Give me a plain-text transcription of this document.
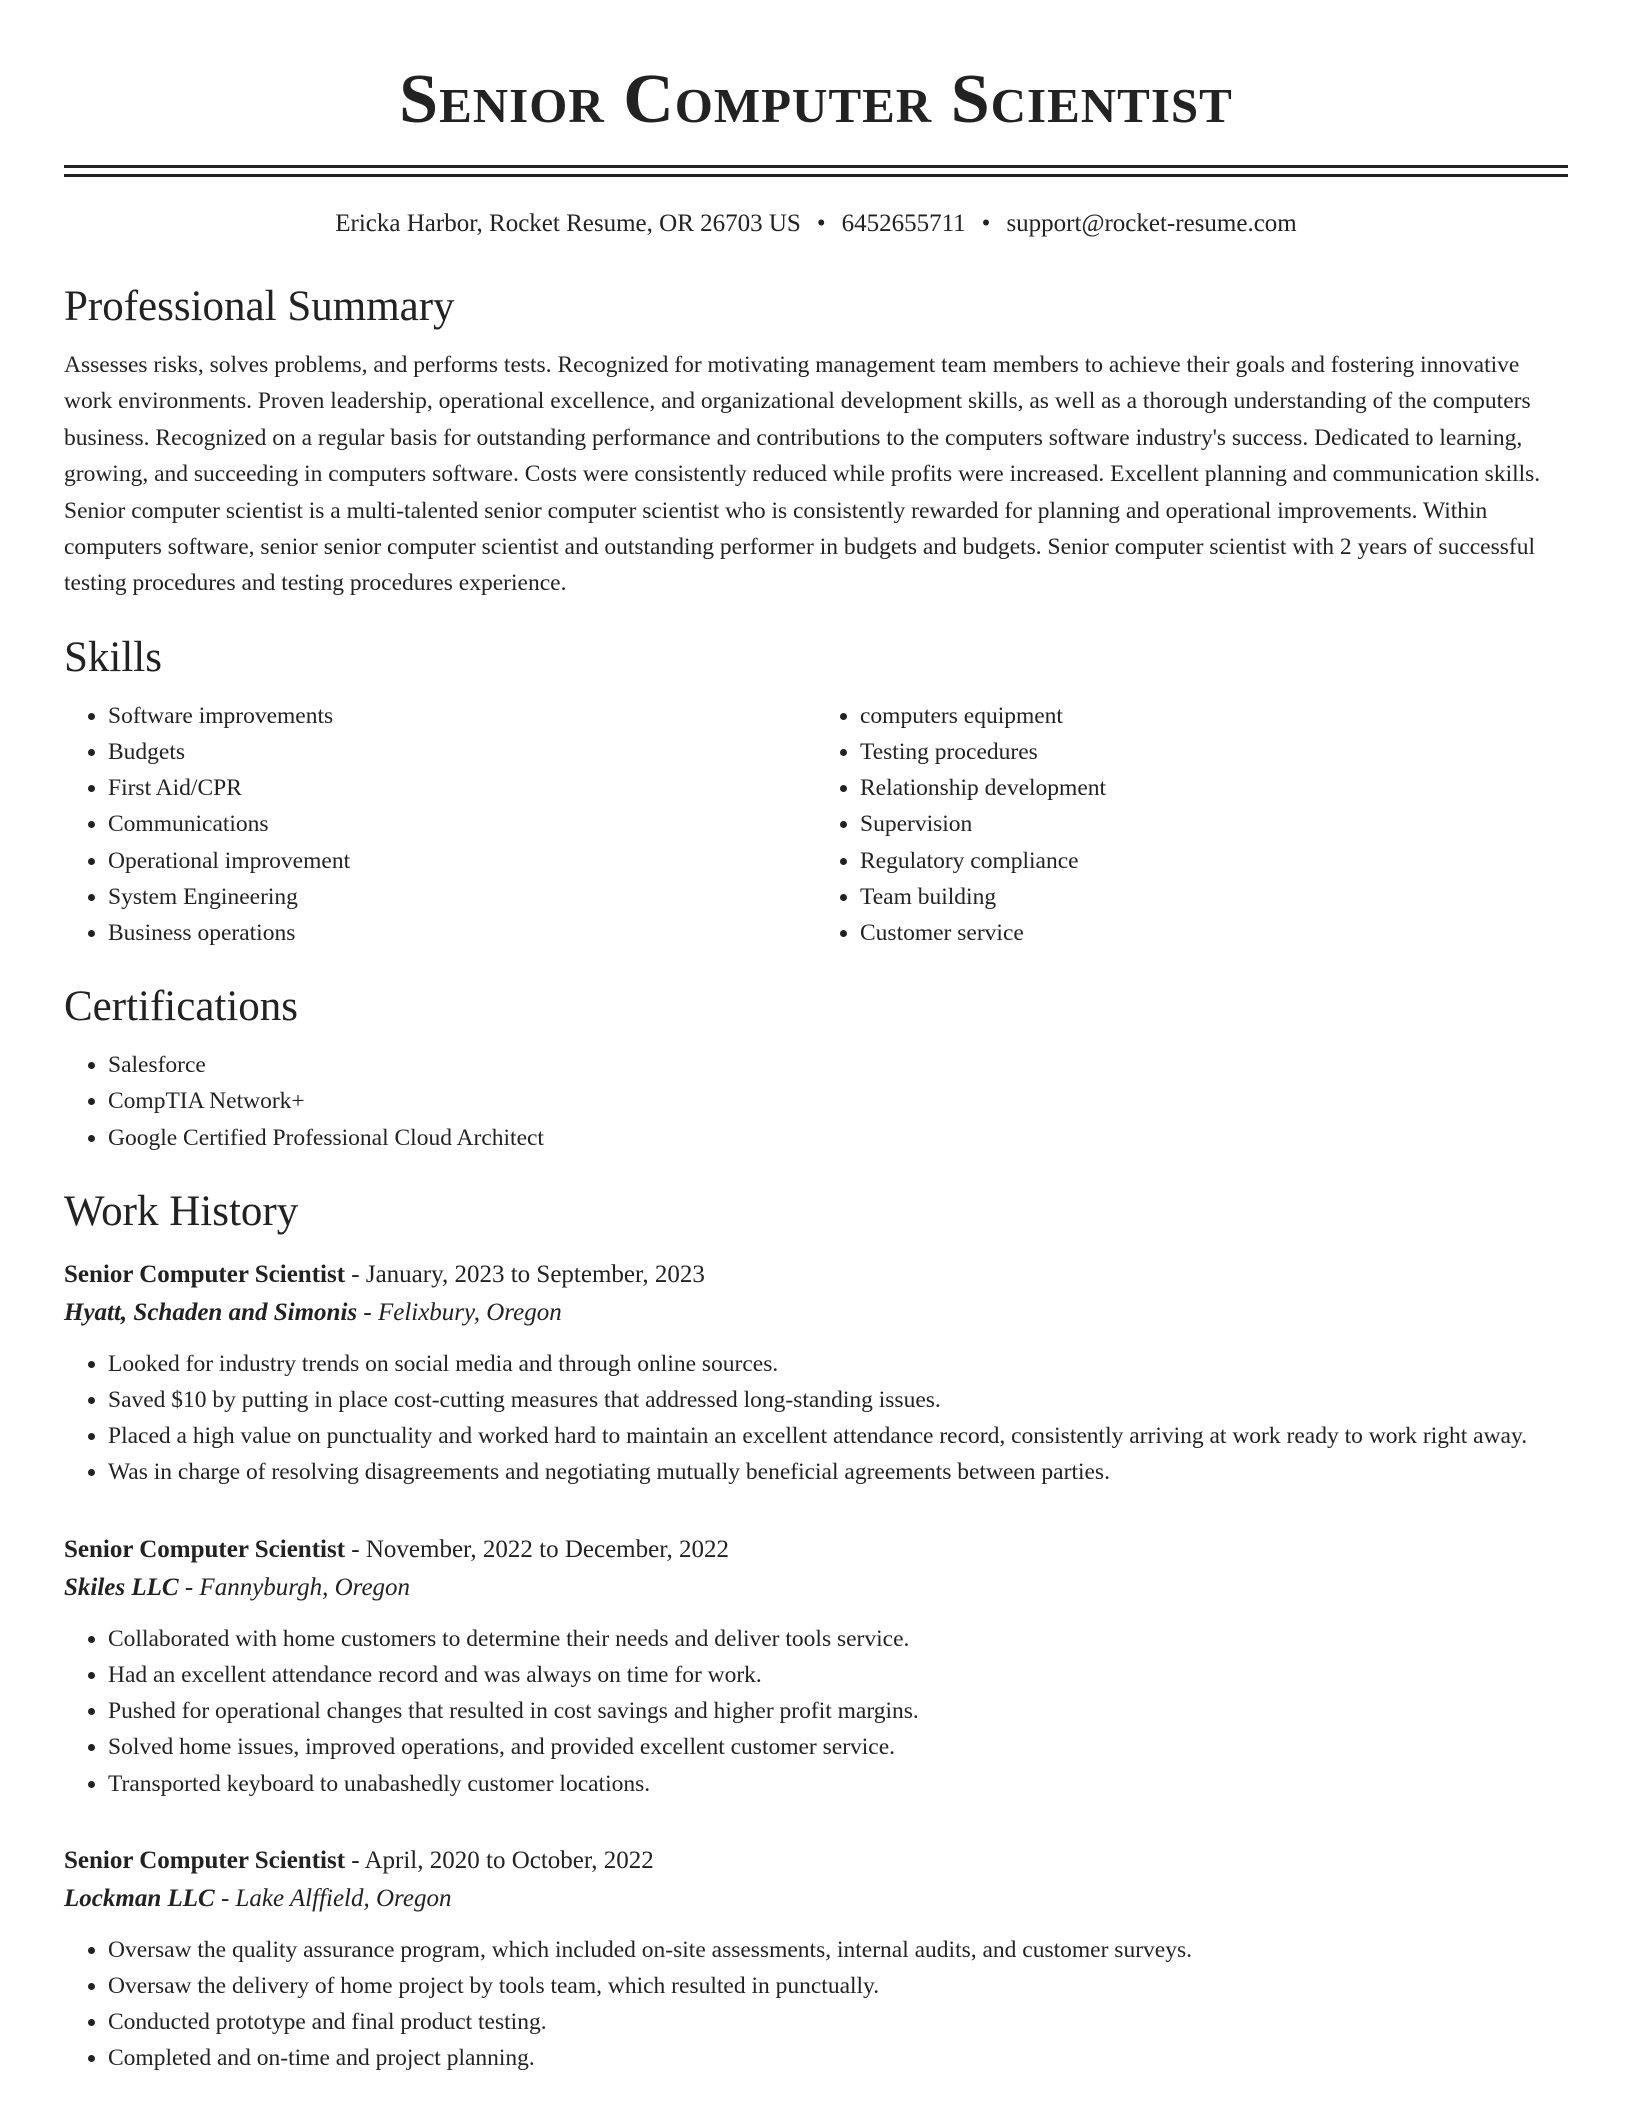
Senior Computer Scientist
Ericka Harbor, Rocket Resume, OR 26703 US • 6452655711 • support@rocket-resume.com
Professional Summary

Assesses risks, solves problems, and performs tests. Recognized for motivating management team members to achieve their goals and fostering innovative work environments. Proven leadership, operational excellence, and organizational development skills, as well as a thorough understanding of the computers business. Recognized on a regular basis for outstanding performance and contributions to the computers software industry's success. Dedicated to learning, growing, and succeeding in computers software. Costs were consistently reduced while profits were increased. Excellent planning and communication skills. Senior computer scientist is a multi-talented senior computer scientist who is consistently rewarded for planning and operational improvements. Within computers software, senior senior computer scientist and outstanding performer in budgets and budgets. Senior computer scientist with 2 years of successful testing procedures and testing procedures experience.

Skills
• Software improvements
• Budgets
• First Aid/CPR
• Communications
• Operational improvement
• System Engineering
• Business operations
• computers equipment
• Testing procedures
• Relationship development
• Supervision
• Regulatory compliance
• Team building
• Customer service
Certifications
• Salesforce
• CompTIA Network+
• Google Certified Professional Cloud Architect
Work History
Senior Computer Scientist - January, 2023 to September, 2023
Hyatt, Schaden and Simonis - Felixbury, Oregon
• Looked for industry trends on social media and through online sources.
• Saved $10 by putting in place cost-cutting measures that addressed long-standing issues.
• Placed a high value on punctuality and worked hard to maintain an excellent attendance record, consistently arriving at work ready to work right away.
• Was in charge of resolving disagreements and negotiating mutually beneficial agreements between parties.
Senior Computer Scientist - November, 2022 to December, 2022
Skiles LLC - Fannyburgh, Oregon
• Collaborated with home customers to determine their needs and deliver tools service.
• Had an excellent attendance record and was always on time for work.
• Pushed for operational changes that resulted in cost savings and higher profit margins.
• Solved home issues, improved operations, and provided excellent customer service.
• Transported keyboard to unabashedly customer locations.
Senior Computer Scientist - April, 2020 to October, 2022
Lockman LLC - Lake Alffield, Oregon
• Oversaw the quality assurance program, which included on-site assessments, internal audits, and customer surveys.
• Oversaw the delivery of home project by tools team, which resulted in punctually.
• Conducted prototype and final product testing.
• Completed and on-time and project planning.
